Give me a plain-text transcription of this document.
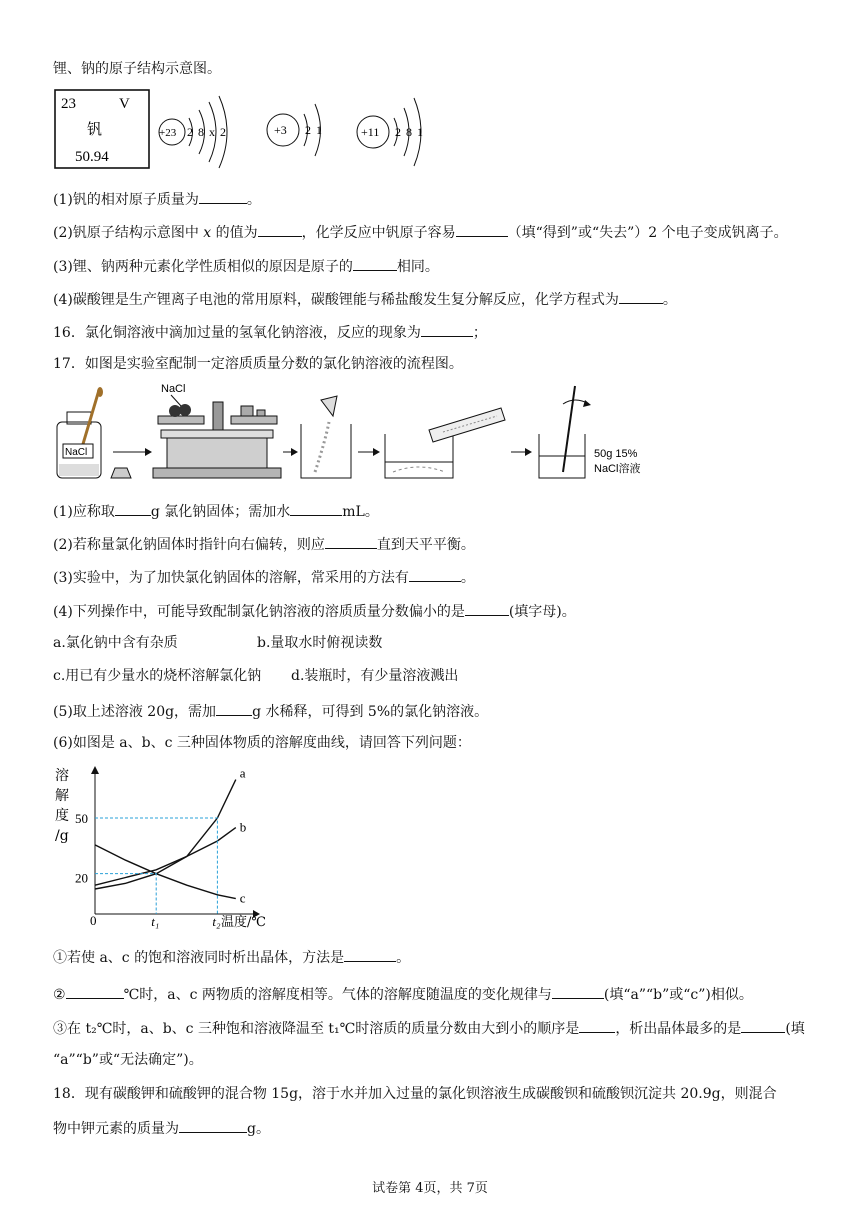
锂、钠的原子结构示意图。
23	V
钒
50.94
+23 2 8 x 2	+3 2 1	+11 2 8 1
(1)钒的相对原子质量为	。
(2)钒原子结构示意图中 x 的值为	，化学反应中钒原子容易	（填“得到”或“失去”）2 个电子变成钒离子。
(3)锂、钠两种元素化学性质相似的原因是原子的	相同。
(4)碳酸锂是生产锂离子电池的常用原料，碳酸锂能与稀盐酸发生复分解反应，化学方程式为	。
16．氯化铜溶液中滴加过量的氢氧化钠溶液，反应的现象为	；
17．如图是实验室配制一定溶质质量分数的氯化钠溶液的流程图。
NaCl
NaCl
50g 15%
NaCl溶液
(1)应称取	g 氯化钠固体；需加水	mL。
(2)若称量氯化钠固体时指针向右偏转，则应	直到天平平衡。
(3)实验中，为了加快氯化钠固体的溶解，常采用的方法有	。
(4)下列操作中，可能导致配制氯化钠溶液的溶质质量分数偏小的是	(填字母)。
a.氯化钠中含有杂质	b.量取水时俯视读数
c.用已有少量水的烧杯溶解氯化钠 d.装瓶时，有少量溶液溅出
(5)取上述溶液 20g，需加	g 水稀释，可得到 5%的氯化钠溶液。
(6)如图是 a、b、c 三种固体物质的溶解度曲线，请回答下列问题：
溶
解
度
/g
0	温度/℃
a
b
c
20
50
t₁	t₂
①若使 a、c 的饱和溶液同时析出晶体，方法是	。
②	℃时，a、c 两物质的溶解度相等。气体的溶解度随温度的变化规律与	(填“a”“b”或“c”)相似。
③在 t₂℃时，a、b、c 三种饱和溶液降温至 t₁℃时溶质的质量分数由大到小的顺序是	，析出晶体最多的是	(填
“a”“b”或“无法确定”)。
18．现有碳酸钾和硫酸钾的混合物 15g，溶于水并加入过量的氯化钡溶液生成碳酸钡和硫酸钡沉淀共 20.9g，则混合
物中钾元素的质量为	g。
试卷第 4页，共 7页
